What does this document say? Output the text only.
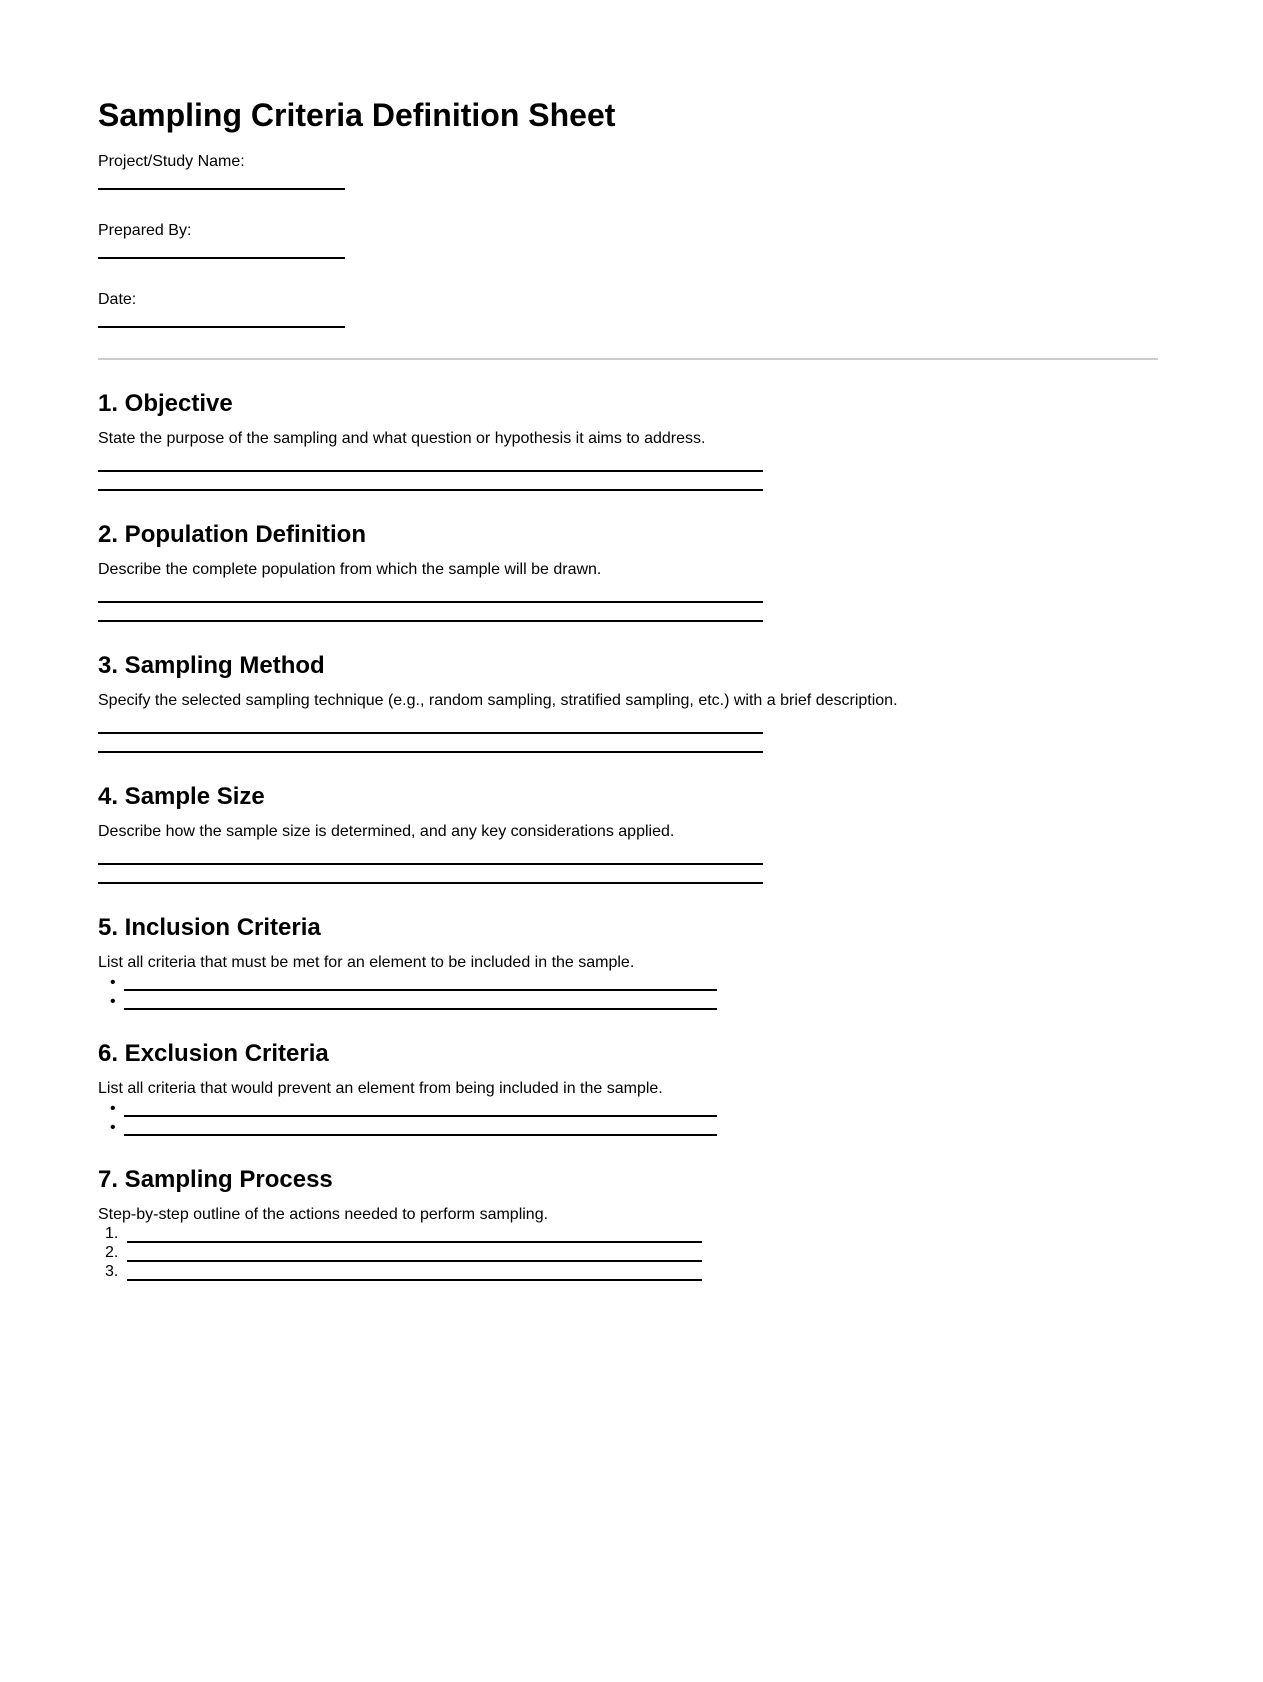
Sampling Criteria Definition Sheet

Project/Study Name:

Prepared By:

Date:

1. Objective

State the purpose of the sampling and what question or hypothesis it aims to address.

2. Population Definition

Describe the complete population from which the sample will be drawn.

3. Sampling Method

Specify the selected sampling technique (e.g., random sampling, stratified sampling, etc.) with a brief description.

4. Sample Size

Describe how the sample size is determined, and any key considerations applied.

5. Inclusion Criteria

List all criteria that must be met for an element to be included in the sample.

•
•
6. Exclusion Criteria

List all criteria that would prevent an element from being included in the sample.

•
•
7. Sampling Process

Step-by-step outline of the actions needed to perform sampling.

1.
2.
3.
